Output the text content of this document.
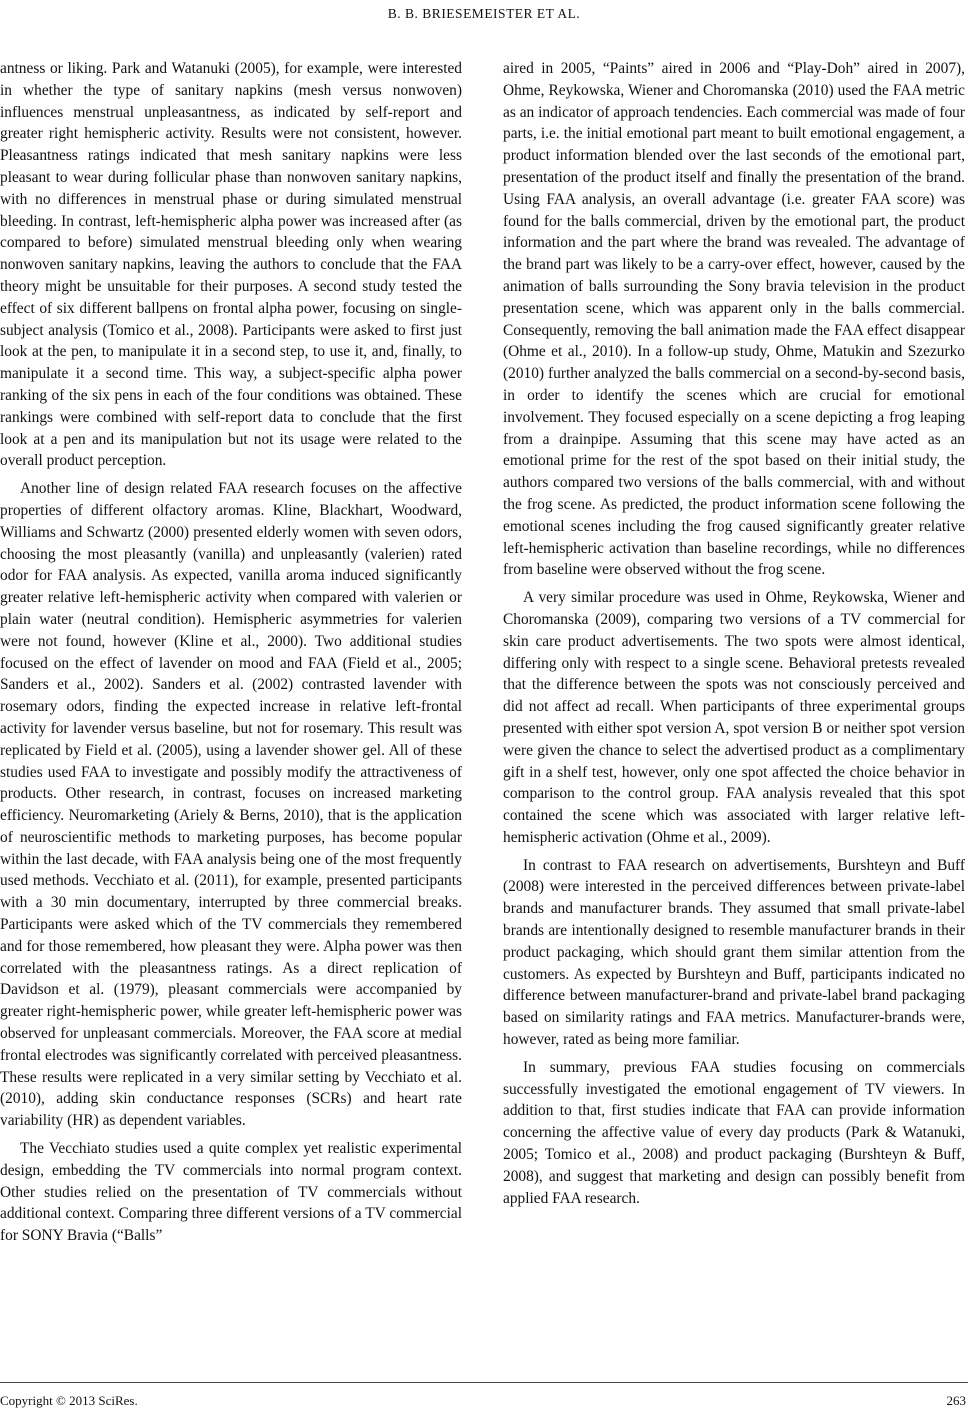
B. B. BRIESEMEISTER ET AL.

antness or liking. Park and Watanuki (2005), for example, were interested in whether the type of sanitary napkins (mesh versus nonwoven) influences menstrual unpleasantness, as indicated by self-report and greater right hemispheric activity. Results were not consistent, however. Pleasantness ratings indicated that mesh sanitary napkins were less pleasant to wear during follicular phase than nonwoven sanitary napkins, with no differences in menstrual phase or during simulated menstrual bleeding. In contrast, left-hemispheric alpha power was increased after (as compared to before) simulated menstrual bleeding only when wearing nonwoven sanitary napkins, leaving the authors to conclude that the FAA theory might be unsuitable for their purposes. A second study tested the effect of six different ballpens on frontal alpha power, focusing on single-subject analysis (Tomico et al., 2008). Participants were asked to first just look at the pen, to manipulate it in a second step, to use it, and, finally, to manipulate it a second time. This way, a subject-specific alpha power ranking of the six pens in each of the four conditions was obtained. These rankings were combined with self-report data to conclude that the first look at a pen and its manipulation but not its usage were related to the overall product perception.

Another line of design related FAA research focuses on the affective properties of different olfactory aromas. Kline, Blackhart, Woodward, Williams and Schwartz (2000) presented elderly women with seven odors, choosing the most pleasantly (vanilla) and unpleasantly (valerien) rated odor for FAA analysis. As expected, vanilla aroma induced significantly greater relative left-hemispheric activity when compared with valerien or plain water (neutral condition). Hemispheric asymmetries for valerien were not found, however (Kline et al., 2000). Two additional studies focused on the effect of lavender on mood and FAA (Field et al., 2005; Sanders et al., 2002). Sanders et al. (2002) contrasted lavender with rosemary odors, finding the expected increase in relative left-frontal activity for lavender versus baseline, but not for rosemary. This result was replicated by Field et al. (2005), using a lavender shower gel. All of these studies used FAA to investigate and possibly modify the attractiveness of products. Other research, in contrast, focuses on increased marketing efficiency. Neuromarketing (Ariely & Berns, 2010), that is the application of neuroscientific methods to marketing purposes, has become popular within the last decade, with FAA analysis being one of the most frequently used methods. Vecchiato et al. (2011), for example, presented participants with a 30 min documentary, interrupted by three commercial breaks. Participants were asked which of the TV commercials they remembered and for those remembered, how pleasant they were. Alpha power was then correlated with the pleasantness ratings. As a direct replication of Davidson et al. (1979), pleasant commercials were accompanied by greater right-hemispheric power, while greater left-hemispheric power was observed for unpleasant commercials. Moreover, the FAA score at medial frontal electrodes was significantly correlated with perceived pleasantness. These results were replicated in a very similar setting by Vecchiato et al. (2010), adding skin conductance responses (SCRs) and heart rate variability (HR) as dependent variables.

The Vecchiato studies used a quite complex yet realistic experimental design, embedding the TV commercials into normal program context. Other studies relied on the presentation of TV commercials without additional context. Comparing three different versions of a TV commercial for SONY Bravia (“Balls”

aired in 2005, “Paints” aired in 2006 and “Play-Doh” aired in 2007), Ohme, Reykowska, Wiener and Choromanska (2010) used the FAA metric as an indicator of approach tendencies. Each commercial was made of four parts, i.e. the initial emotional part meant to built emotional engagement, a product information blended over the last seconds of the emotional part, presentation of the product itself and finally the presentation of the brand. Using FAA analysis, an overall advantage (i.e. greater FAA score) was found for the balls commercial, driven by the emotional part, the product information and the part where the brand was revealed. The advantage of the brand part was likely to be a carry-over effect, however, caused by the animation of balls surrounding the Sony bravia television in the product presentation scene, which was apparent only in the balls commercial. Consequently, removing the ball animation made the FAA effect disappear (Ohme et al., 2010). In a follow-up study, Ohme, Matukin and Szezurko (2010) further analyzed the balls commercial on a second-by-second basis, in order to identify the scenes which are crucial for emotional involvement. They focused especially on a scene depicting a frog leaping from a drainpipe. Assuming that this scene may have acted as an emotional prime for the rest of the spot based on their initial study, the authors compared two versions of the balls commercial, with and without the frog scene. As predicted, the product information scene following the emotional scenes including the frog caused significantly greater relative left-hemispheric activation than baseline recordings, while no differences from baseline were observed without the frog scene.

A very similar procedure was used in Ohme, Reykowska, Wiener and Choromanska (2009), comparing two versions of a TV commercial for skin care product advertisements. The two spots were almost identical, differing only with respect to a single scene. Behavioral pretests revealed that the difference between the spots was not consciously perceived and did not affect ad recall. When participants of three experimental groups presented with either spot version A, spot version B or neither spot version were given the chance to select the advertised product as a complimentary gift in a shelf test, however, only one spot affected the choice behavior in comparison to the control group. FAA analysis revealed that this spot contained the scene which was associated with larger relative left-hemispheric activation (Ohme et al., 2009).

In contrast to FAA research on advertisements, Burshteyn and Buff (2008) were interested in the perceived differences between private-label brands and manufacturer brands. They assumed that small private-label brands are intentionally designed to resemble manufacturer brands in their product packaging, which should grant them similar attention from the customers. As expected by Burshteyn and Buff, participants indicated no difference between manufacturer-brand and private-label brand packaging based on similarity ratings and FAA metrics. Manufacturer-brands were, however, rated as being more familiar.

In summary, previous FAA studies focusing on commercials successfully investigated the emotional engagement of TV viewers. In addition to that, first studies indicate that FAA can provide information concerning the affective value of every day products (Park & Watanuki, 2005; Tomico et al., 2008) and product packaging (Burshteyn & Buff, 2008), and suggest that marketing and design can possibly benefit from applied FAA research.

Copyright © 2013 SciRes.	263
